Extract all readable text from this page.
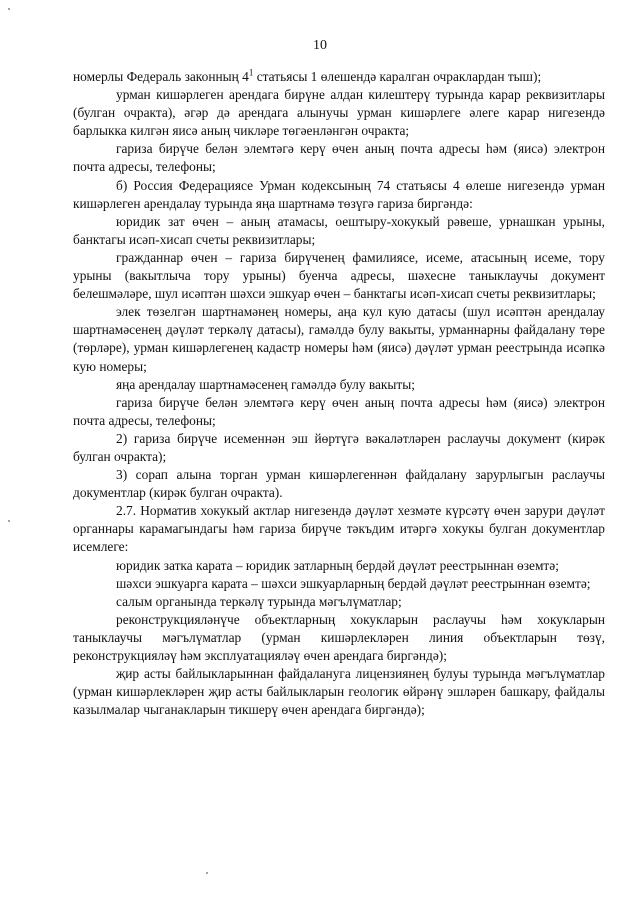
10

номерлы Федераль законның $4^1$ статьясы 1 өлешендә каралган очраклардан тыш);

урман кишәрлеген арендага бирүне алдан килештерү турында карар реквизитлары (булган очракта), әгәр дә арендага алынучы урман кишәрлеге әлеге карар нигезендә барлыкка килгән яисә аның чикләре төгәенләнгән очракта;

гариза бирүче белән элемтәгә керү өчен аның почта адресы һәм (яисә) электрон почта адресы, телефоны;

б) Россия Федерациясе Урман кодексының 74 статьясы 4 өлеше нигезендә урман кишәрлеген арендалау турында яңа шартнамә төзүгә гариза биргәндә:

юридик зат өчен – аның атамасы, оештыру-хокукый рәвеше, урнашкан урыны, банктагы исәп-хисап счеты реквизитлары;

гражданнар өчен – гариза бирүченең фамилиясе, исеме, атасының исеме, тору урыны (вакытлыча тору урыны) буенча адресы, шәхесне таныклаучы документ белешмәләре, шул исәптән шәхси эшкуар өчен – банктагы исәп-хисап счеты реквизитлары;

элек төзелгән шартнамәнең номеры, аңа кул кую датасы (шул исәптән арендалау шартнамәсенең дәүләт теркәлү датасы), гамәлдә булу вакыты, урманнарны файдалану төре (төрләре), урман кишәрлегенең кадастр номеры һәм (яисә) дәүләт урман реестрында исәпкә кую номеры;

яңа арендалау шартнамәсенең гамәлдә булу вакыты;

гариза бирүче белән элемтәгә керү өчен аның почта адресы һәм (яисә) электрон почта адресы, телефоны;

2) гариза бирүче исеменнән эш йөртүгә вәкаләтләрен раслаучы документ (кирәк булган очракта);

3) сорап алына торган урман кишәрлегеннән файдалану зарурлыгын раслаучы документлар (кирәк булган очракта).

2.7. Норматив хокукый актлар нигезендә дәүләт хезмәте күрсәтү өчен зарури дәүләт органнары карамагындагы һәм гариза бирүче тәкъдим итәргә хокукы булган документлар исемлеге:

юридик затка карата – юридик затларның бердәй дәүләт реестрыннан өземтә;

шәхси эшкуарга карата – шәхси эшкуарларның бердәй дәүләт реестрыннан өземтә;

салым органында теркәлү турында мәгълүматлар;

реконструкцияләнүче объектларның хокукларын раслаучы һәм хокукларын таныклаучы мәгълүматлар (урман кишәрлекләрен линия объектларын төзү, реконструкцияләү һәм эксплуатацияләү өчен арендага биргәндә);

җир асты байлыкларыннан файдалануга лицензиянең булуы турында мәгълүматлар (урман кишәрлекләрен җир асты байлыкларын геологик өйрәнү эшләрен башкару, файдалы казылмалар чыганакларын тикшерү өчен арендага биргәндә);
